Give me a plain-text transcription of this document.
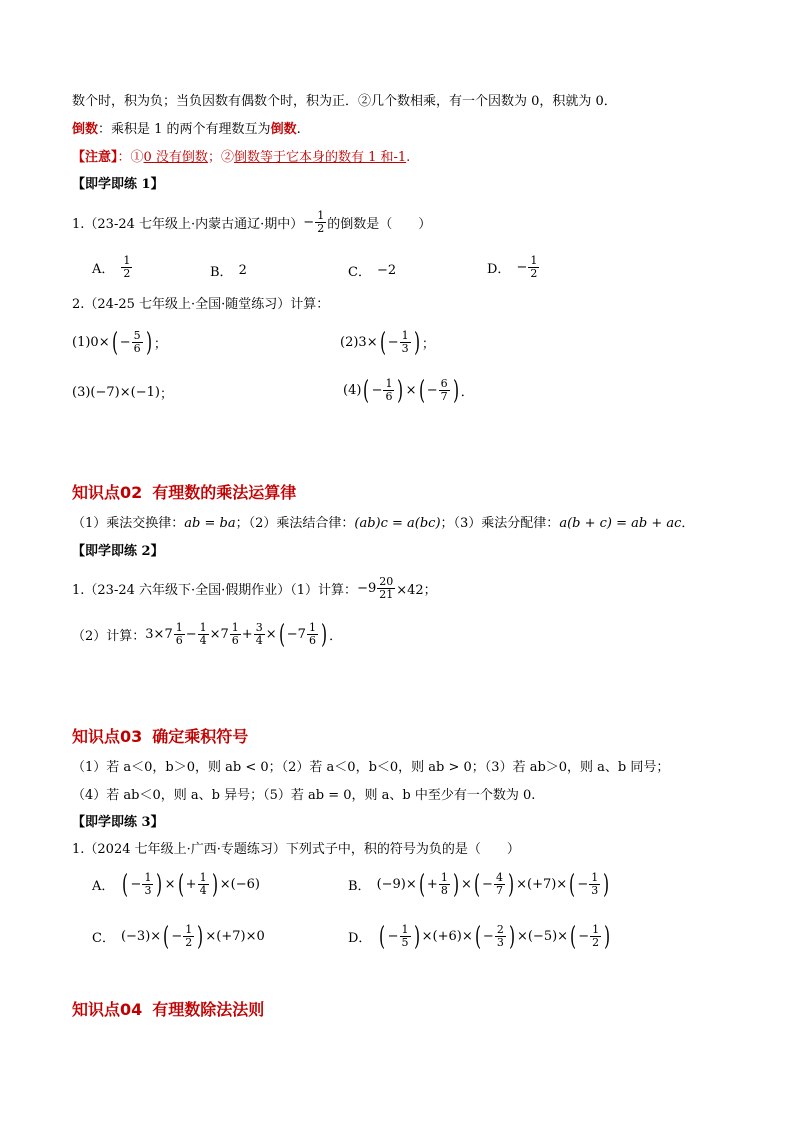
数个时，积为负；当负因数有偶数个时，积为正．②几个数相乘，有一个因数为 0，积就为 0．
倒数：乘积是 1 的两个有理数互为倒数.
【注意】：①0 没有倒数；②倒数等于它本身的数有 1 和-1.
【即学即练 1】
1.（23-24 七年级上·内蒙古通辽·期中） − $\frac{1}{2}$ 的倒数是（　　）
A． $\frac{1}{2}$	B． 2	C． −2	D． − $\frac{1}{2}$
2.（24-25 七年级上·全国·随堂练习）计算：
(1) 0× ( − $\frac{5}{6}$ ) ；	(2) 3× ( − $\frac{1}{3}$ ) ；
(3) (−7)×(−1) ；	(4) ( − $\frac{1}{6}$ ) × ( − $\frac{6}{7}$ ) ．
知识点02 有理数的乘法运算律
（1）乘法交换律：ab = ba；（2）乘法结合律：(ab)c = a(bc)；（3）乘法分配律：a(b + c) = ab + ac．
【即学即练 2】
1.（23-24 六年级下·全国·假期作业）（1）计算： $-9 \frac{20}{21} \times 42$；
（2）计算： $3\times 7 \frac{1}{6} - \frac{1}{4} \times 7 \frac{1}{6} + \frac{3}{4}$ × ( $-7 \frac{1}{6}$ ) ．
知识点03 确定乘积符号
（1）若 a＜0，b＞0，则 ab < 0；（2）若 a＜0，b＜0，则 ab > 0；（3）若 ab＞0，则 a、b 同号；
（4）若 ab＜0，则 a、b 异号；（5）若 ab = 0，则 a、b 中至少有一个数为 0.
【即学即练 3】
1.（2024 七年级上·广西·专题练习）下列式子中，积的符号为负的是（　　）
A． ( − $\frac{1}{3}$ ) × ( + $\frac{1}{4}$ ) ×(−6)	B． (−9)× ( + $\frac{1}{8}$ ) × ( − $\frac{4}{7}$ ) ×(+7)× ( − $\frac{1}{3}$ )
C． (−3)× ( − $\frac{1}{2}$ ) ×(+7)×0	D． ( − $\frac{1}{5}$ ) ×(+6)× ( − $\frac{2}{3}$ ) ×(−5)× ( − $\frac{1}{2}$ )
知识点04 有理数除法法则
